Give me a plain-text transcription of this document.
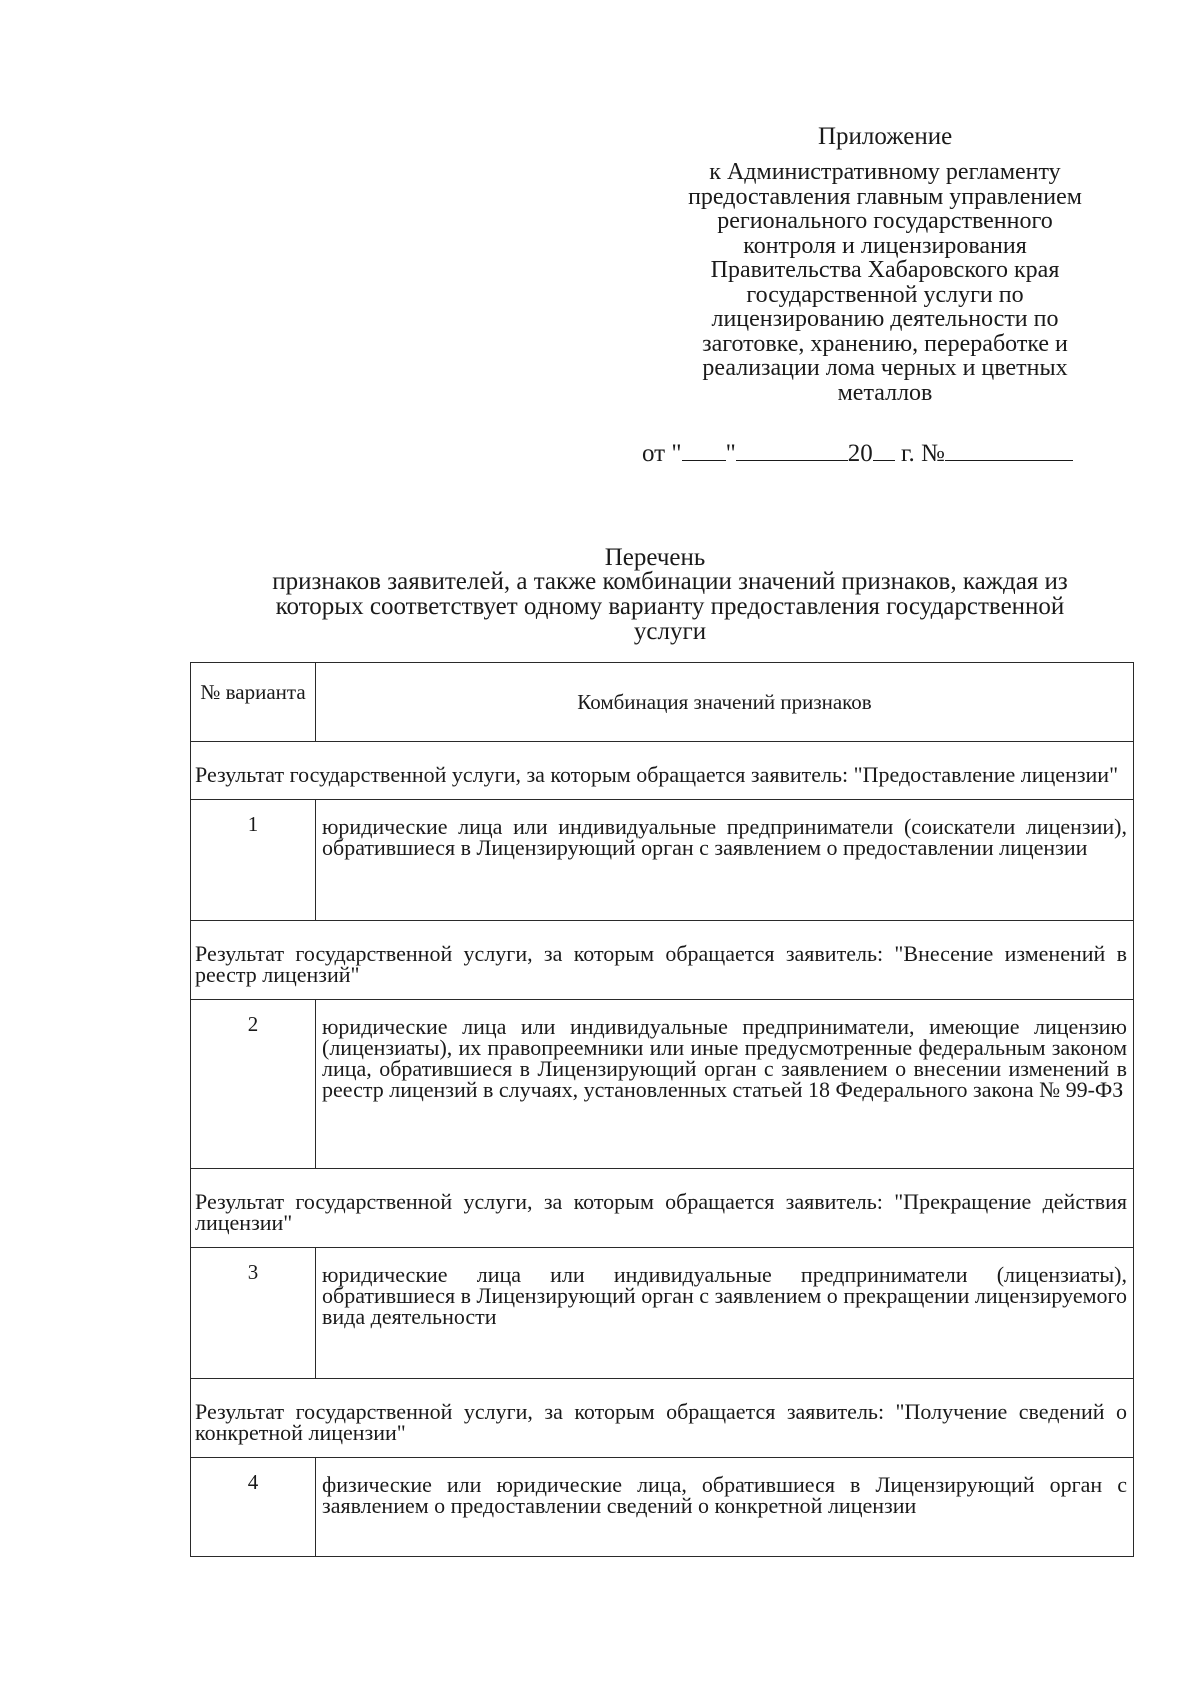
Приложение
к Административному регламенту
предоставления главным управлением
регионального государственного
контроля и лицензирования
Правительства Хабаровского края
государственной услуги по
лицензированию деятельности по
заготовке, хранению, переработке и
реализации лома черных и цветных
металлов
от " "	20 г. №
Перечень
признаков заявителей, а также комбинации значений признаков, каждая из
которых соответствует одному варианту предоставления государственной
услуги
№ варианта	Комбинация значений признаков
Результат государственной услуги, за которым обращается заявитель: "Предоставление лицензии"	
1	юридические лица или индивидуальные предприниматели (соискатели лицензии), обратившиеся в Лицензирующий орган с заявлением о предоставлении лицензии
Результат государственной услуги, за которым обращается заявитель: "Внесение изменений в реестр лицензий"	
2	юридические лица или индивидуальные предприниматели, имеющие лицензию (лицензиаты), их правопреемники или иные предусмотренные федеральным законом лица, обратившиеся в Лицензирующий орган с заявлением о внесении изменений в реестр лицензий в случаях, установленных статьей 18 Федерального закона № 99-ФЗ
Результат государственной услуги, за которым обращается заявитель: "Прекращение действия лицензии"	
3	юридические лица или индивидуальные предприниматели (лицензиаты), обратившиеся в Лицензирующий орган с заявлением о прекращении лицензируемого вида деятельности
Результат государственной услуги, за которым обращается заявитель: "Получение сведений о конкретной лицензии"	
4	физические или юридические лица, обратившиеся в Лицензирующий орган с заявлением о предоставлении сведений о конкретной лицензии
